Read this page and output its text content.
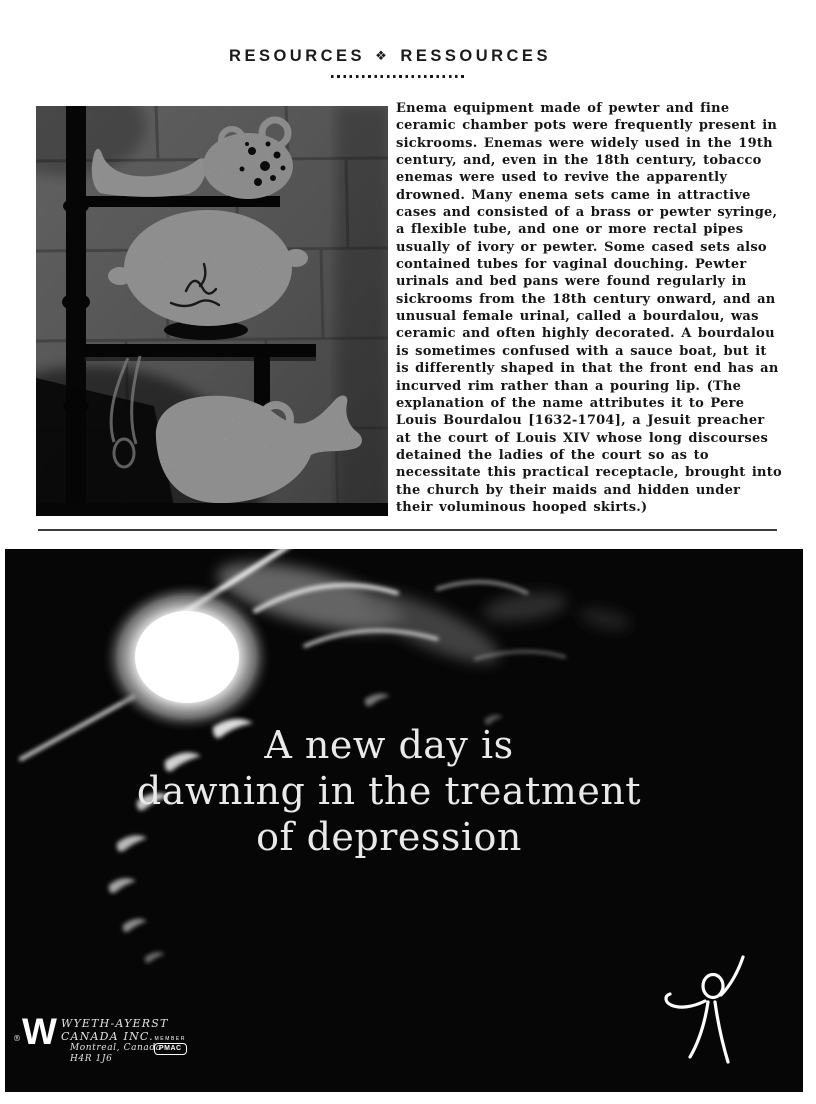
RESOURCES ❖ RESSOURCES
Enema equipment made of pewter and fine ceramic chamber pots were frequently present in sickrooms. Enemas were widely used in the 19th century, and, even in the 18th century, tobacco enemas were used to revive the apparently drowned. Many enema sets came in attractive cases and consisted of a brass or pewter syringe, a flexible tube, and one or more rectal pipes usually of ivory or pewter. Some cased sets also contained tubes for vaginal douching. Pewter urinals and bed pans were found regularly in sickrooms from the 18th century onward, and an unusual female urinal, called a bourdalou, was ceramic and often highly decorated. A bourdalou is sometimes confused with a sauce boat, but it is differently shaped in that the front end has an incurved rim rather than a pouring lip. (The explanation of the name attributes it to Pere Louis Bourdalou [1632-1704], a Jesuit preacher at the court of Louis XIV whose long discourses detained the ladies of the court so as to necessitate this practical receptacle, brought into the church by their maids and hidden under their voluminous hooped skirts.)
A new day is
dawning in the treatment
of depression
® W WYETH-AYERST
CANADA INC.
Montreal, Canada
H4R 1J6
MEMBER
PMAC
